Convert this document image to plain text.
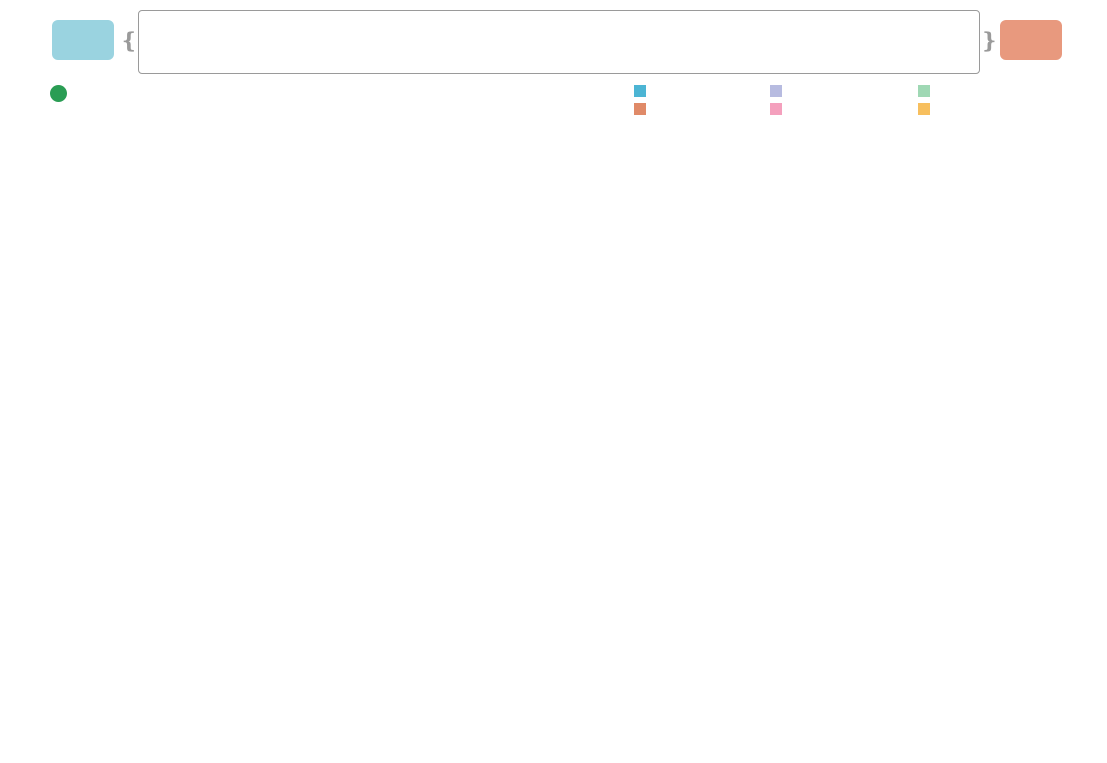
❴	❵
